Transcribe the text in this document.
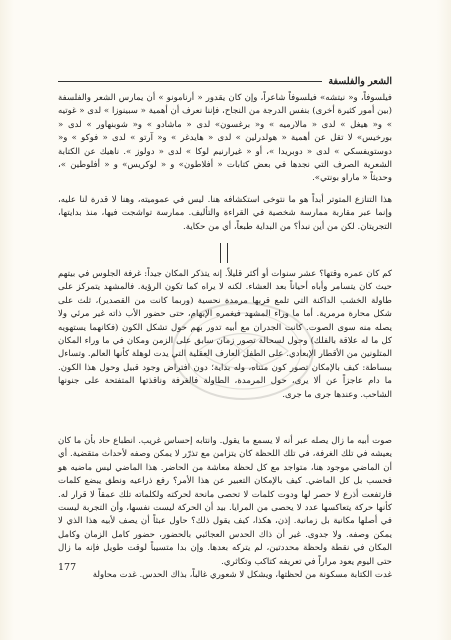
الشعر والفلسفة

فيلسوفاً، و« نيتشه» فيلسوفاً شاعراً، وإن كان يقدور « أرنامونو » أن يمارس الشعر والفلسفة (بين أمور كثيرة أخرى) بنفس الدرجة من النجاح، فإننا نعرف أن أهمية « سبينوزا » لدى « غوتيه » و« هيغل » لدى « مالارميه » و« برغسون» لدى « ماشادو » و« شوبنهاور » لدى « بورخيس» لا تقل عن أهمية « هولدرلين » لدى « هايدغر » و« آرتو » لدى « فوكو » و« دوستويفسكي » لدى « دوبريدا »، أو « غيرارنيم لوكا » لدى « دولوز ». ناهيك عن الكتابة الشعرية الصرف التي نجدها في بعض كتابات « أفلاطون» و « لوكريس» و « أفلوطين »، وحديثاً « ماراو بونتي».

هذا التنازع المتوتر أبداً هو ما نتوخى استكشافه هنا. ليس في عموميته، وهنا لا قدرة لنا عليه، وإنما عبر مقاربة ممارسة شخصية في القراءة والتأليف. ممارسة تواشجت فيها، منذ بدايتها، التجريتان. لكن من أين نبدأ؟ من البداية طبعاً، أي من حكاية.

كم كان عمره وقتها؟ عشر سنوات أو أكثر قليلاً. إنه يتذكر المكان جيداً: غرفة الجلوس في بيتهم حيث كان يتسامر وأباه أحياناً بعد العشاء. لكنه لا يراه كما تكون الرؤية. فالمشهد يتمركز على طاولة الخشب الداكنة التي تلمع قربها مرمدة نحسية (وربما كانت من القصدير)، ثلث على شكل محارة مرمرية. أما ما وراء المشهد فيغمره الإبهام، حتى حضور الأب ذاته غير مرئي ولا يصله منه سوى الصوت. كانت الجدران مع أبيه تدور بهم حول تشكل الكون (فكانهما يستهويه كل ما له علاقة بالفلك) وحول لسحالة تصور زمان سابق على الزمن ومكان في ما وراء المكان المتلونين من الأقطار الإبعادي. على الطفل العارف العقلية التي يدت لوهلة كأنها العالم. وتساءل ببساطة: كيف بالإمكان تصور كون متناه، وله بداية؛ دون افتراض وجود قبيل وحول هذا الكون. ما دام عاجزاً عن ألا يرى، حول المرمدة، الطاولة فالغرفة وناقذتها المتفتحة على جنونها الشاحب. وعندها جرى ما جرى.

صوت أبيه ما زال يصله عبر أنه لا يسمع ما يقول. وانتابه إحساس غريب. انطباع حاد بأن ما كان يعيشه في تلك الغرفة، في تلك اللحظة كان يتزامن مع تذرّر لا يمكن وصفه لأحداث متقضية. أي أن الماضي موجود هنا، متواجد مع كل لحظة معاشة من الحاضر. هذا الماضي ليس ماضيه هو فحسب بل كل الماضي. كيف بالإمكان التعبير عن هذا الأمر؟ رفع ذراعيه ونطق يبضع كلمات فارتفعت أذرع لا حصر لها ودوت كلمات لا تحصى مانحة لحركته ولكلماته تلك عمقاً لا قرار له. كأنها حركة يتعاكسها عدد لا يحصى من المرايا. بيد أن الحركة ليست نفسها، وأن التجربة ليست في أصلها مكانية بل زمانية. إذن، هكذا، كيف يقول ذلك؟ حاول عبثاً أن يصف لأبيه هذا الذي لا يمكن وصفه. ولا جدوى. غير أن ذاك الحدس العجائبي بالحضور، حضور كامل الزمان وكامل المكان في نقطة ولحظة محددتين، لم يتركه بعدها. وإن بدا متسيباً لوقت طويل فإنه ما زال حتى اليوم يعود مراراً في تعريفه كتاكب وتكاثري.

غدت الكتابة مسكونة من لحظتها، ويشكل لا شعوري غالباً، بذاك الحدس. غدت محاولة

177
